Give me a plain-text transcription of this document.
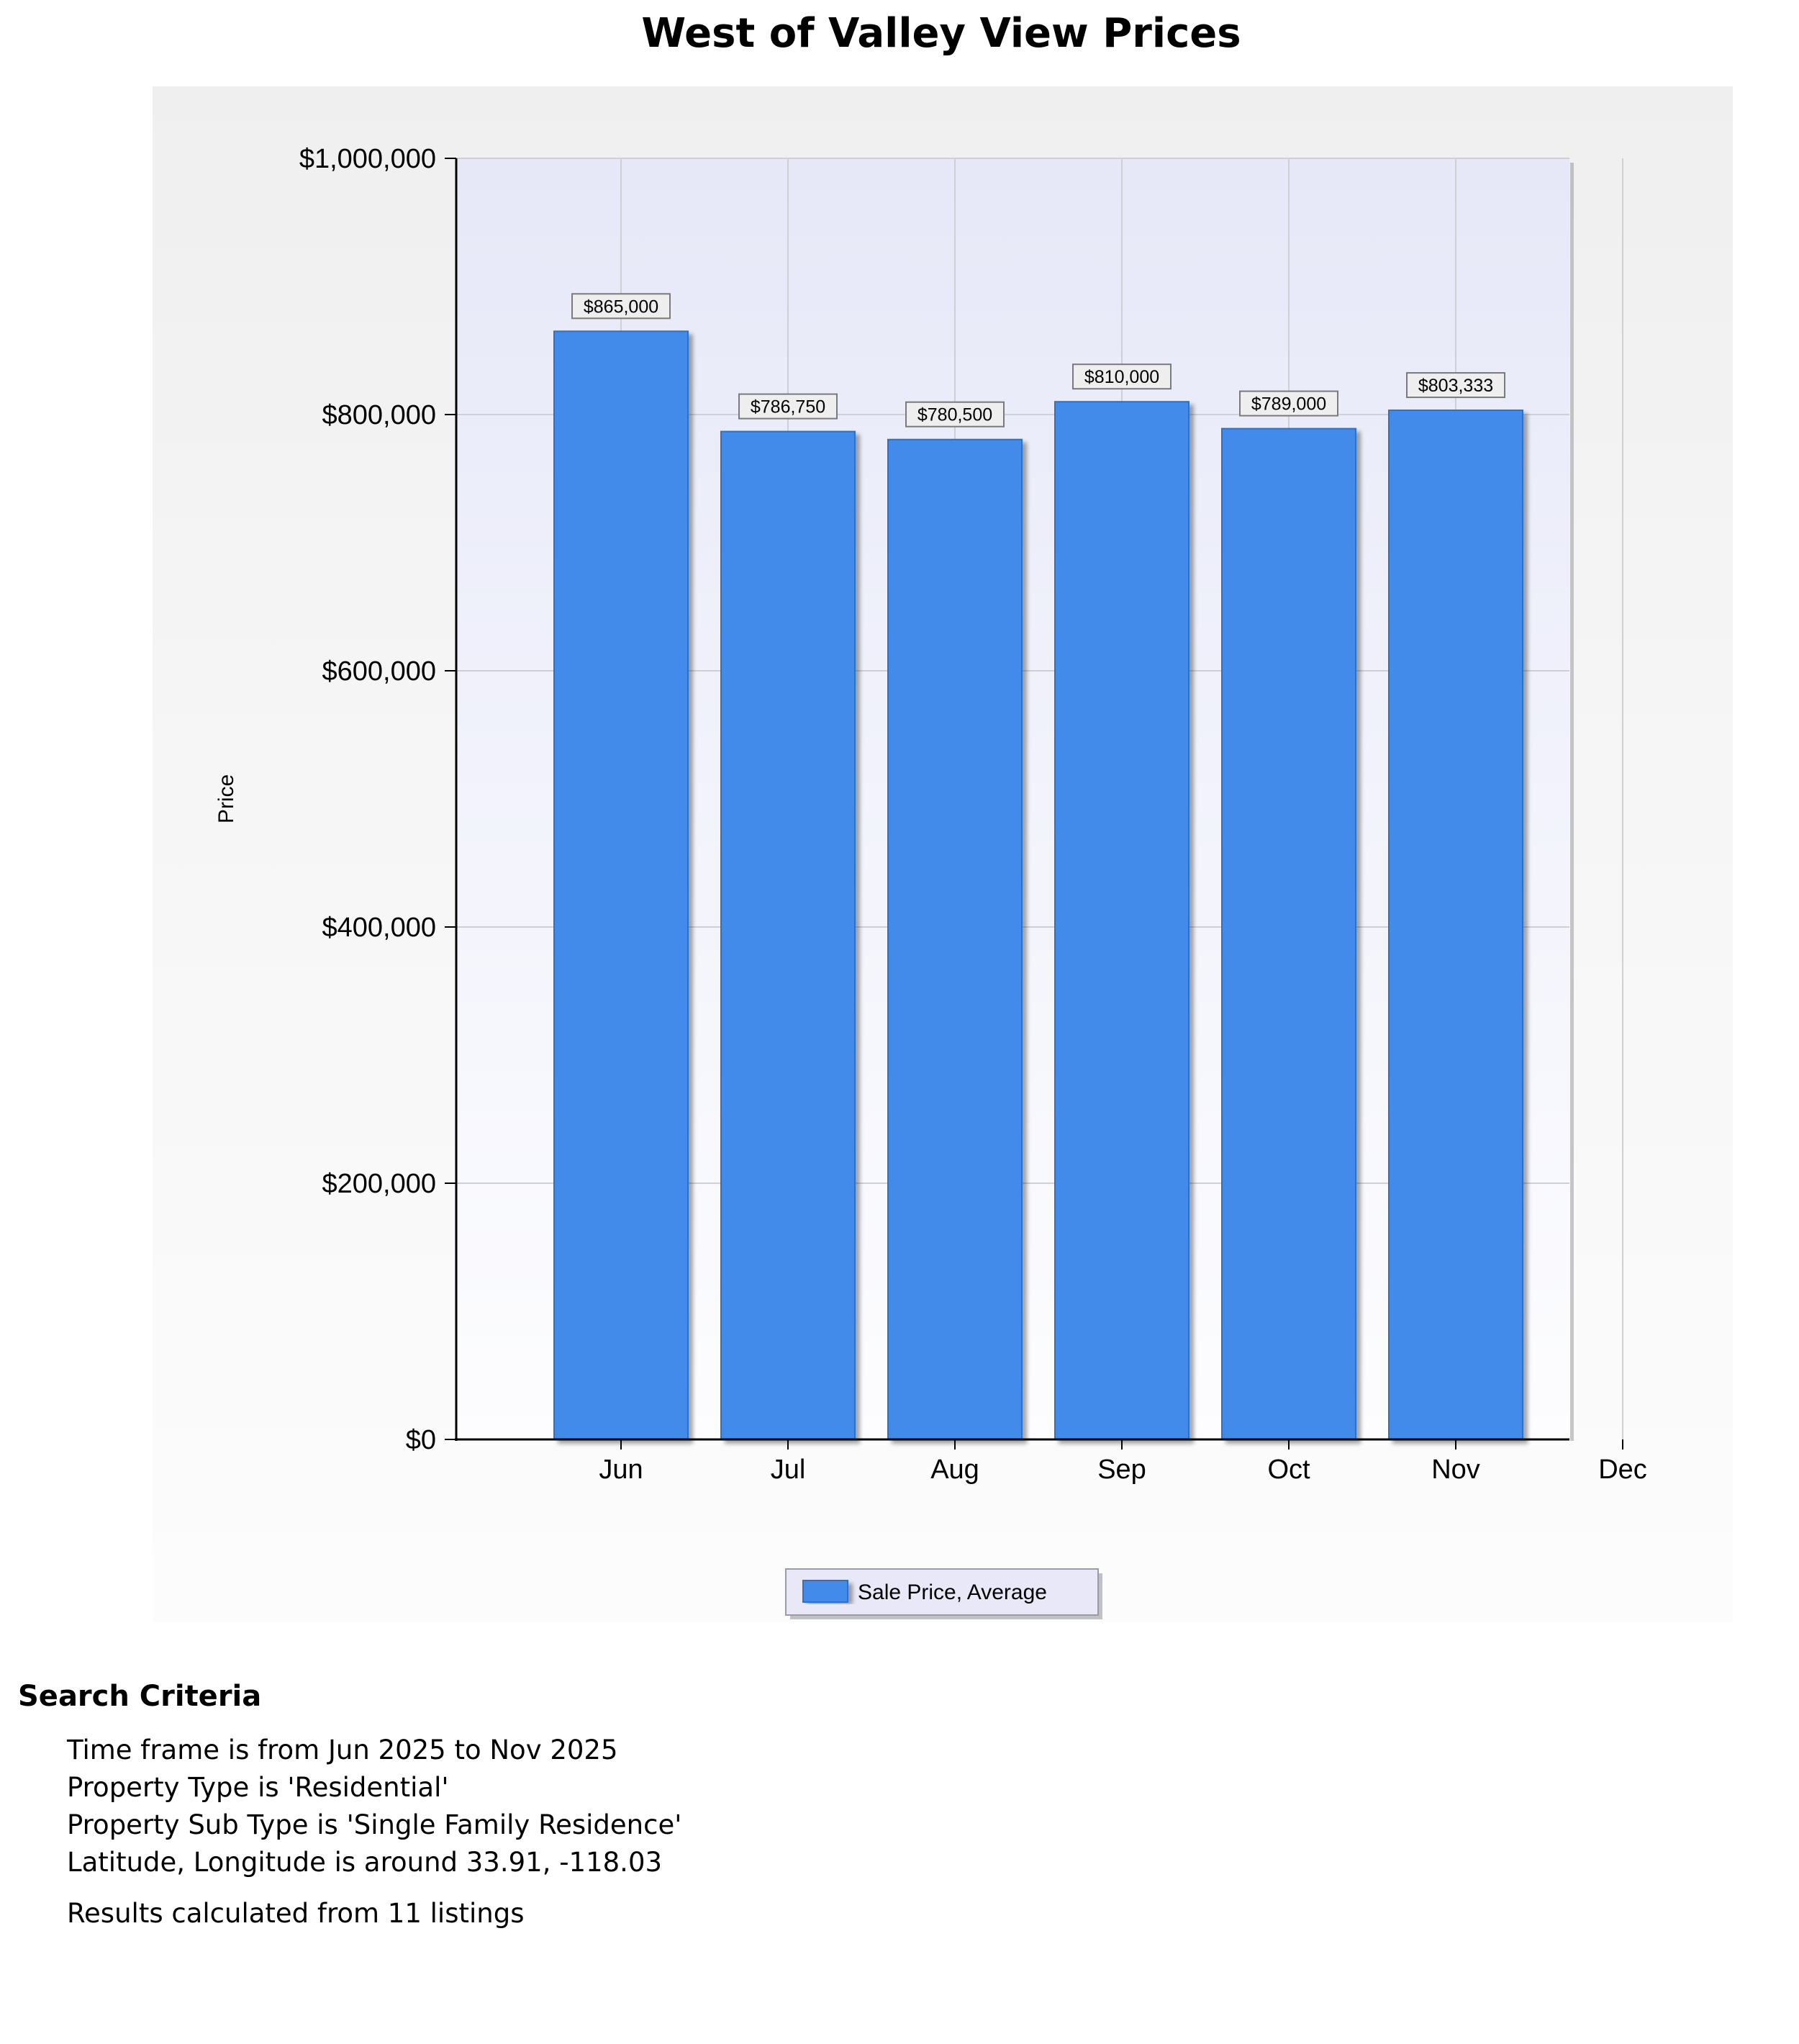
West of Valley View Prices
$0
$200,000
$400,000
$600,000
$800,000
$1,000,000
$865,000
$786,750	$780,500
$810,000
$789,000
$803,333
Jun	Jul	Aug	Sep	Oct	Nov	Dec
Price
Sale Price, Average
Search Criteria
Time frame is from Jun 2025 to Nov 2025
Property Type is 'Residential'
Property Sub Type is 'Single Family Residence'
Latitude, Longitude is around 33.91, -118.03

Results calculated from 11 listings
